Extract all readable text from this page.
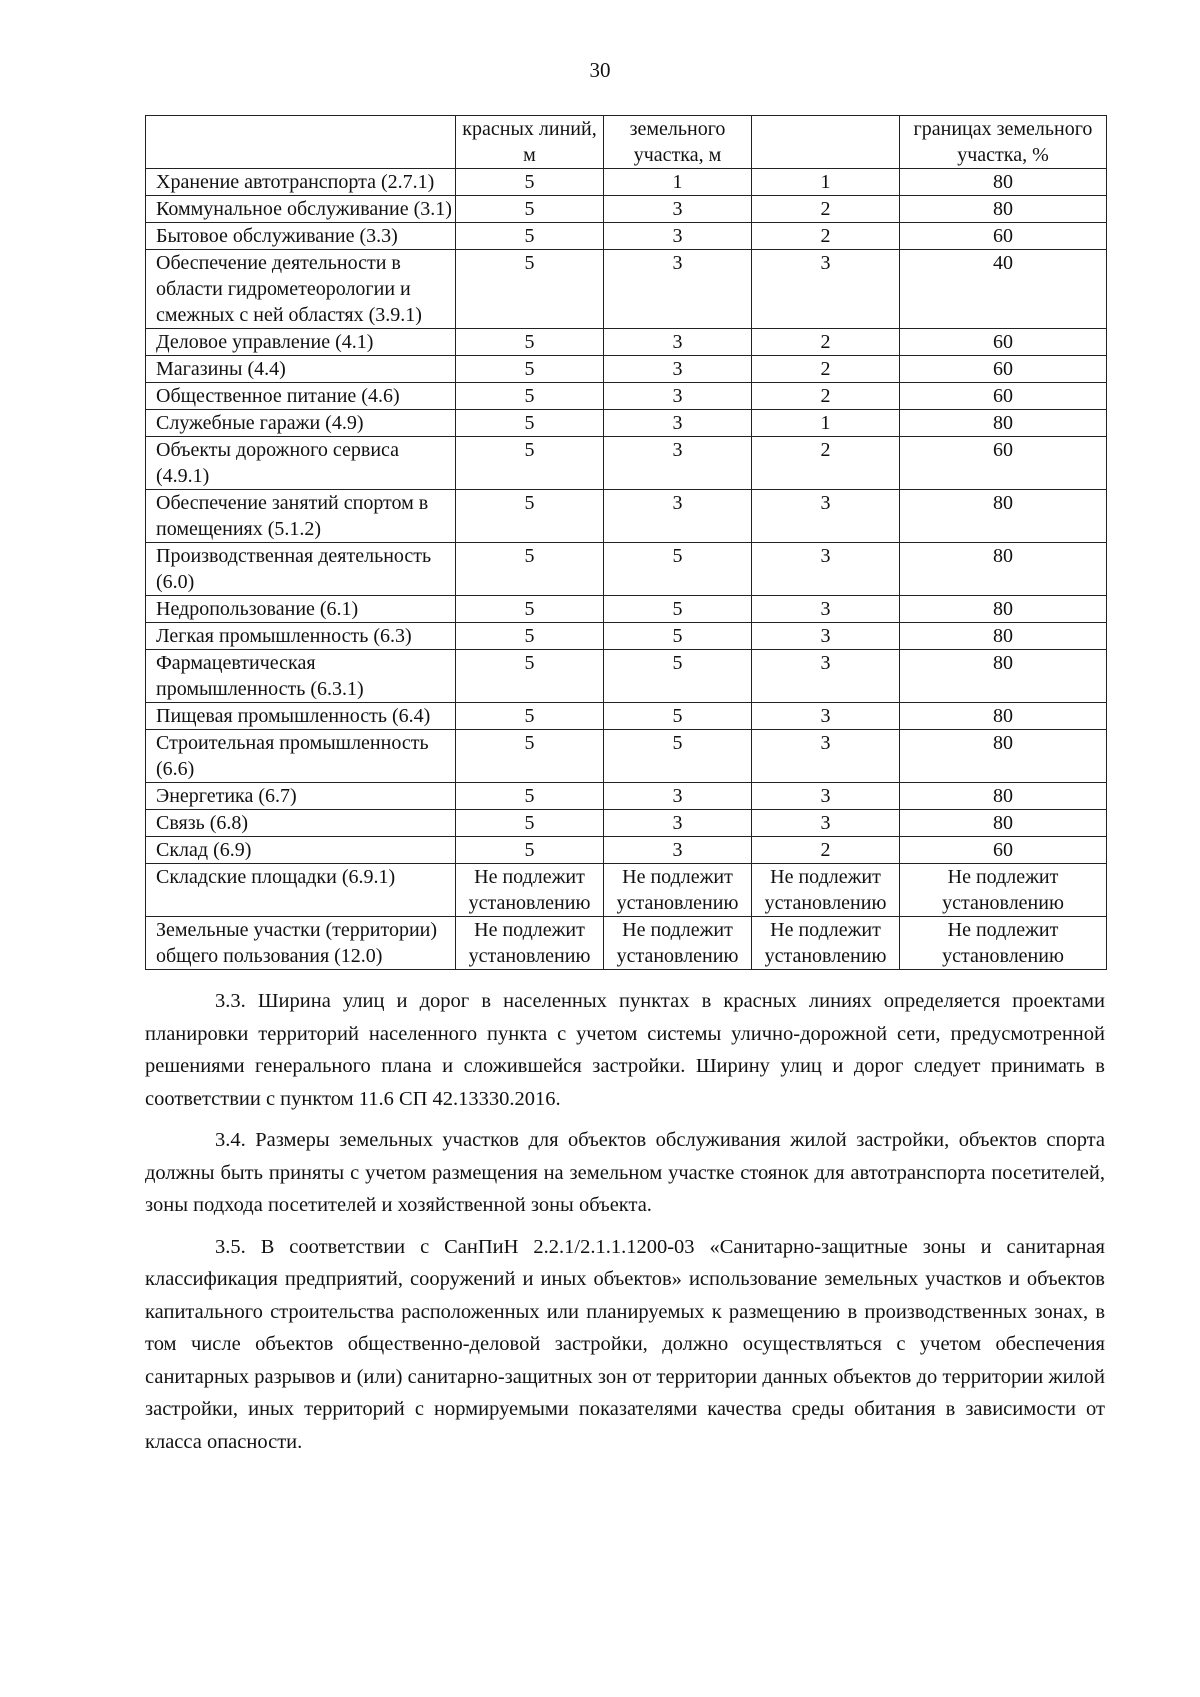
30
	красных линий, м	земельного участка, м		границах земельного участка, %
Хранение автотранспорта (2.7.1)	5	1	1	80
Коммунальное обслуживание (3.1)	5	3	2	80
Бытовое обслуживание (3.3)	5	3	2	60
Обеспечение деятельности в области гидрометеорологии и смежных с ней областях (3.9.1)	5	3	3	40
Деловое управление (4.1)	5	3	2	60
Магазины (4.4)	5	3	2	60
Общественное питание (4.6)	5	3	2	60
Служебные гаражи (4.9)	5	3	1	80
Объекты дорожного сервиса (4.9.1)	5	3	2	60
Обеспечение занятий спортом в помещениях (5.1.2)	5	3	3	80
Производственная деятельность (6.0)	5	5	3	80
Недропользование (6.1)	5	5	3	80
Легкая промышленность (6.3)	5	5	3	80
Фармацевтическая промышленность (6.3.1)	5	5	3	80
Пищевая промышленность (6.4)	5	5	3	80
Строительная промышленность (6.6)	5	5	3	80
Энергетика (6.7)	5	3	3	80
Связь (6.8)	5	3	3	80
Склад (6.9)	5	3	2	60
Складские площадки (6.9.1)	Не подлежит установлению	Не подлежит установлению	Не подлежит установлению	Не подлежит установлению
Земельные участки (территории) общего пользования (12.0)	Не подлежит установлению	Не подлежит установлению	Не подлежит установлению	Не подлежит установлению

3.3. Ширина улиц и дорог в населенных пунктах в красных линиях определяется проектами планировки территорий населенного пункта с учетом системы улично-дорожной сети, предусмотренной решениями генерального плана и сложившейся застройки. Ширину улиц и дорог следует принимать в соответствии с пунктом 11.6 СП 42.13330.2016.

3.4. Размеры земельных участков для объектов обслуживания жилой застройки, объектов спорта должны быть приняты с учетом размещения на земельном участке стоянок для автотранспорта посетителей, зоны подхода посетителей и хозяйственной зоны объекта.

3.5. В соответствии с СанПиН 2.2.1/2.1.1.1200-03 «Санитарно-защитные зоны и санитарная классификация предприятий, сооружений и иных объектов» использование земельных участков и объектов капитального строительства расположенных или планируемых к размещению в производственных зонах, в том числе объектов общественно-деловой застройки, должно осуществляться с учетом обеспечения санитарных разрывов и (или) санитарно-защитных зон от территории данных объектов до территории жилой застройки, иных территорий с нормируемыми показателями качества среды обитания в зависимости от класса опасности.
